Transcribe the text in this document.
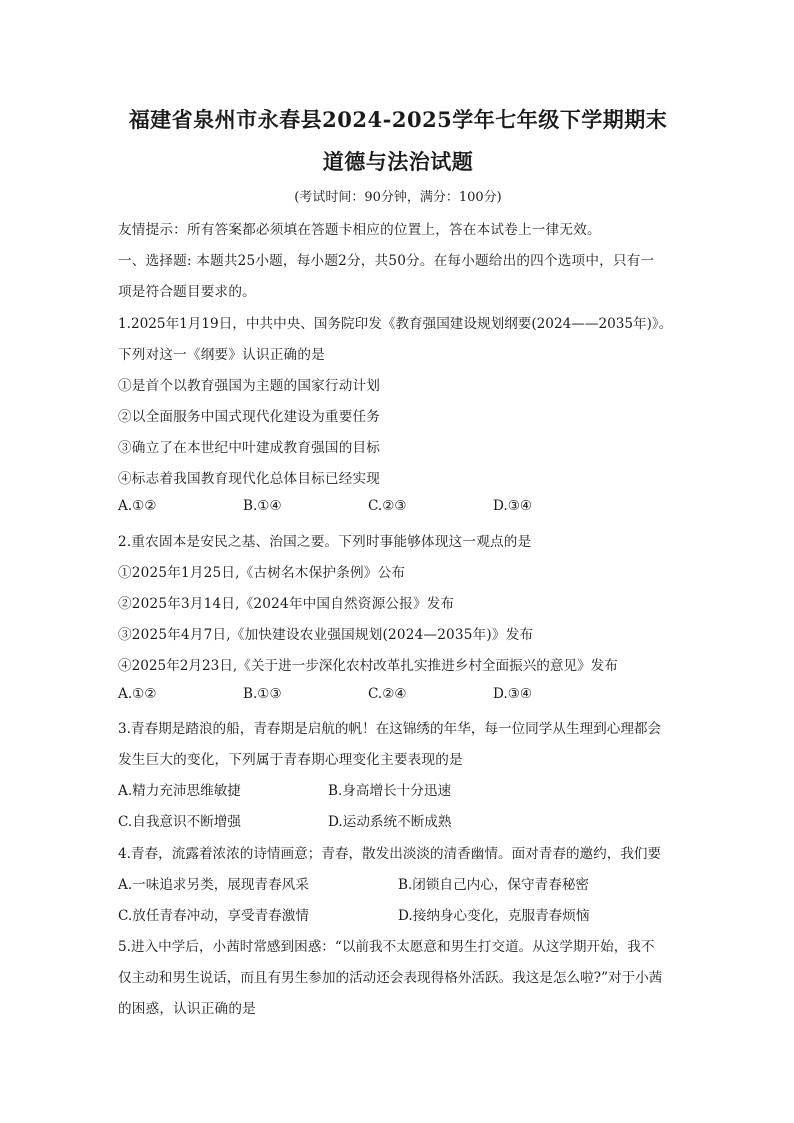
福建省泉州市永春县2024-2025学年七年级下学期期末
道德与法治试题
(考试时间：90分钟，满分：100分)
友情提示：所有答案都必须填在答题卡相应的位置上，答在本试卷上一律无效。
一、选择题: 本题共25小题，每小题2分，共50分。在每小题给出的四个选项中，只有一
项是符合题目要求的。
1.2025年1月19日，中共中央、国务院印发《教育强国建设规划纲要(2024——2035年)》。
下列对这一《纲要》认识正确的是
①是首个以教育强国为主题的国家行动计划
②以全面服务中国式现代化建设为重要任务
③确立了在本世纪中叶建成教育强国的目标
④标志着我国教育现代化总体目标已经实现
A.①②	B.①④	C.②③	D.③④
2.重农固本是安民之基、治国之要。下列时事能够体现这一观点的是
①2025年1月25日,《古树名木保护条例》公布
②2025年3月14日,《2024年中国自然资源公报》发布
③2025年4月7日,《加快建设农业强国规划(2024—2035年)》发布
④2025年2月23日,《关于进一步深化农村改革扎实推进乡村全面振兴的意见》发布
A.①②	B.①③	C.②④	D.③④
3.青春期是踏浪的船，青春期是启航的帆！在这锦绣的年华，每一位同学从生理到心理都会
发生巨大的变化，下列属于青春期心理变化主要表现的是
A.精力充沛思维敏捷	B.身高增长十分迅速
C.自我意识不断增强	D.运动系统不断成熟
4.青春，流露着浓浓的诗情画意；青春，散发出淡淡的清香幽情。面对青春的邀约，我们要
A.一味追求另类，展现青春风采	B.闭锁自己内心，保守青春秘密
C.放任青春冲动，享受青春激情	D.接纳身心变化，克服青春烦恼
5.进入中学后，小茜时常感到困惑：“以前我不太愿意和男生打交道。从这学期开始，我不
仅主动和男生说话，而且有男生参加的活动还会表现得格外活跃。我这是怎么啦?”对于小茜
的困惑，认识正确的是
